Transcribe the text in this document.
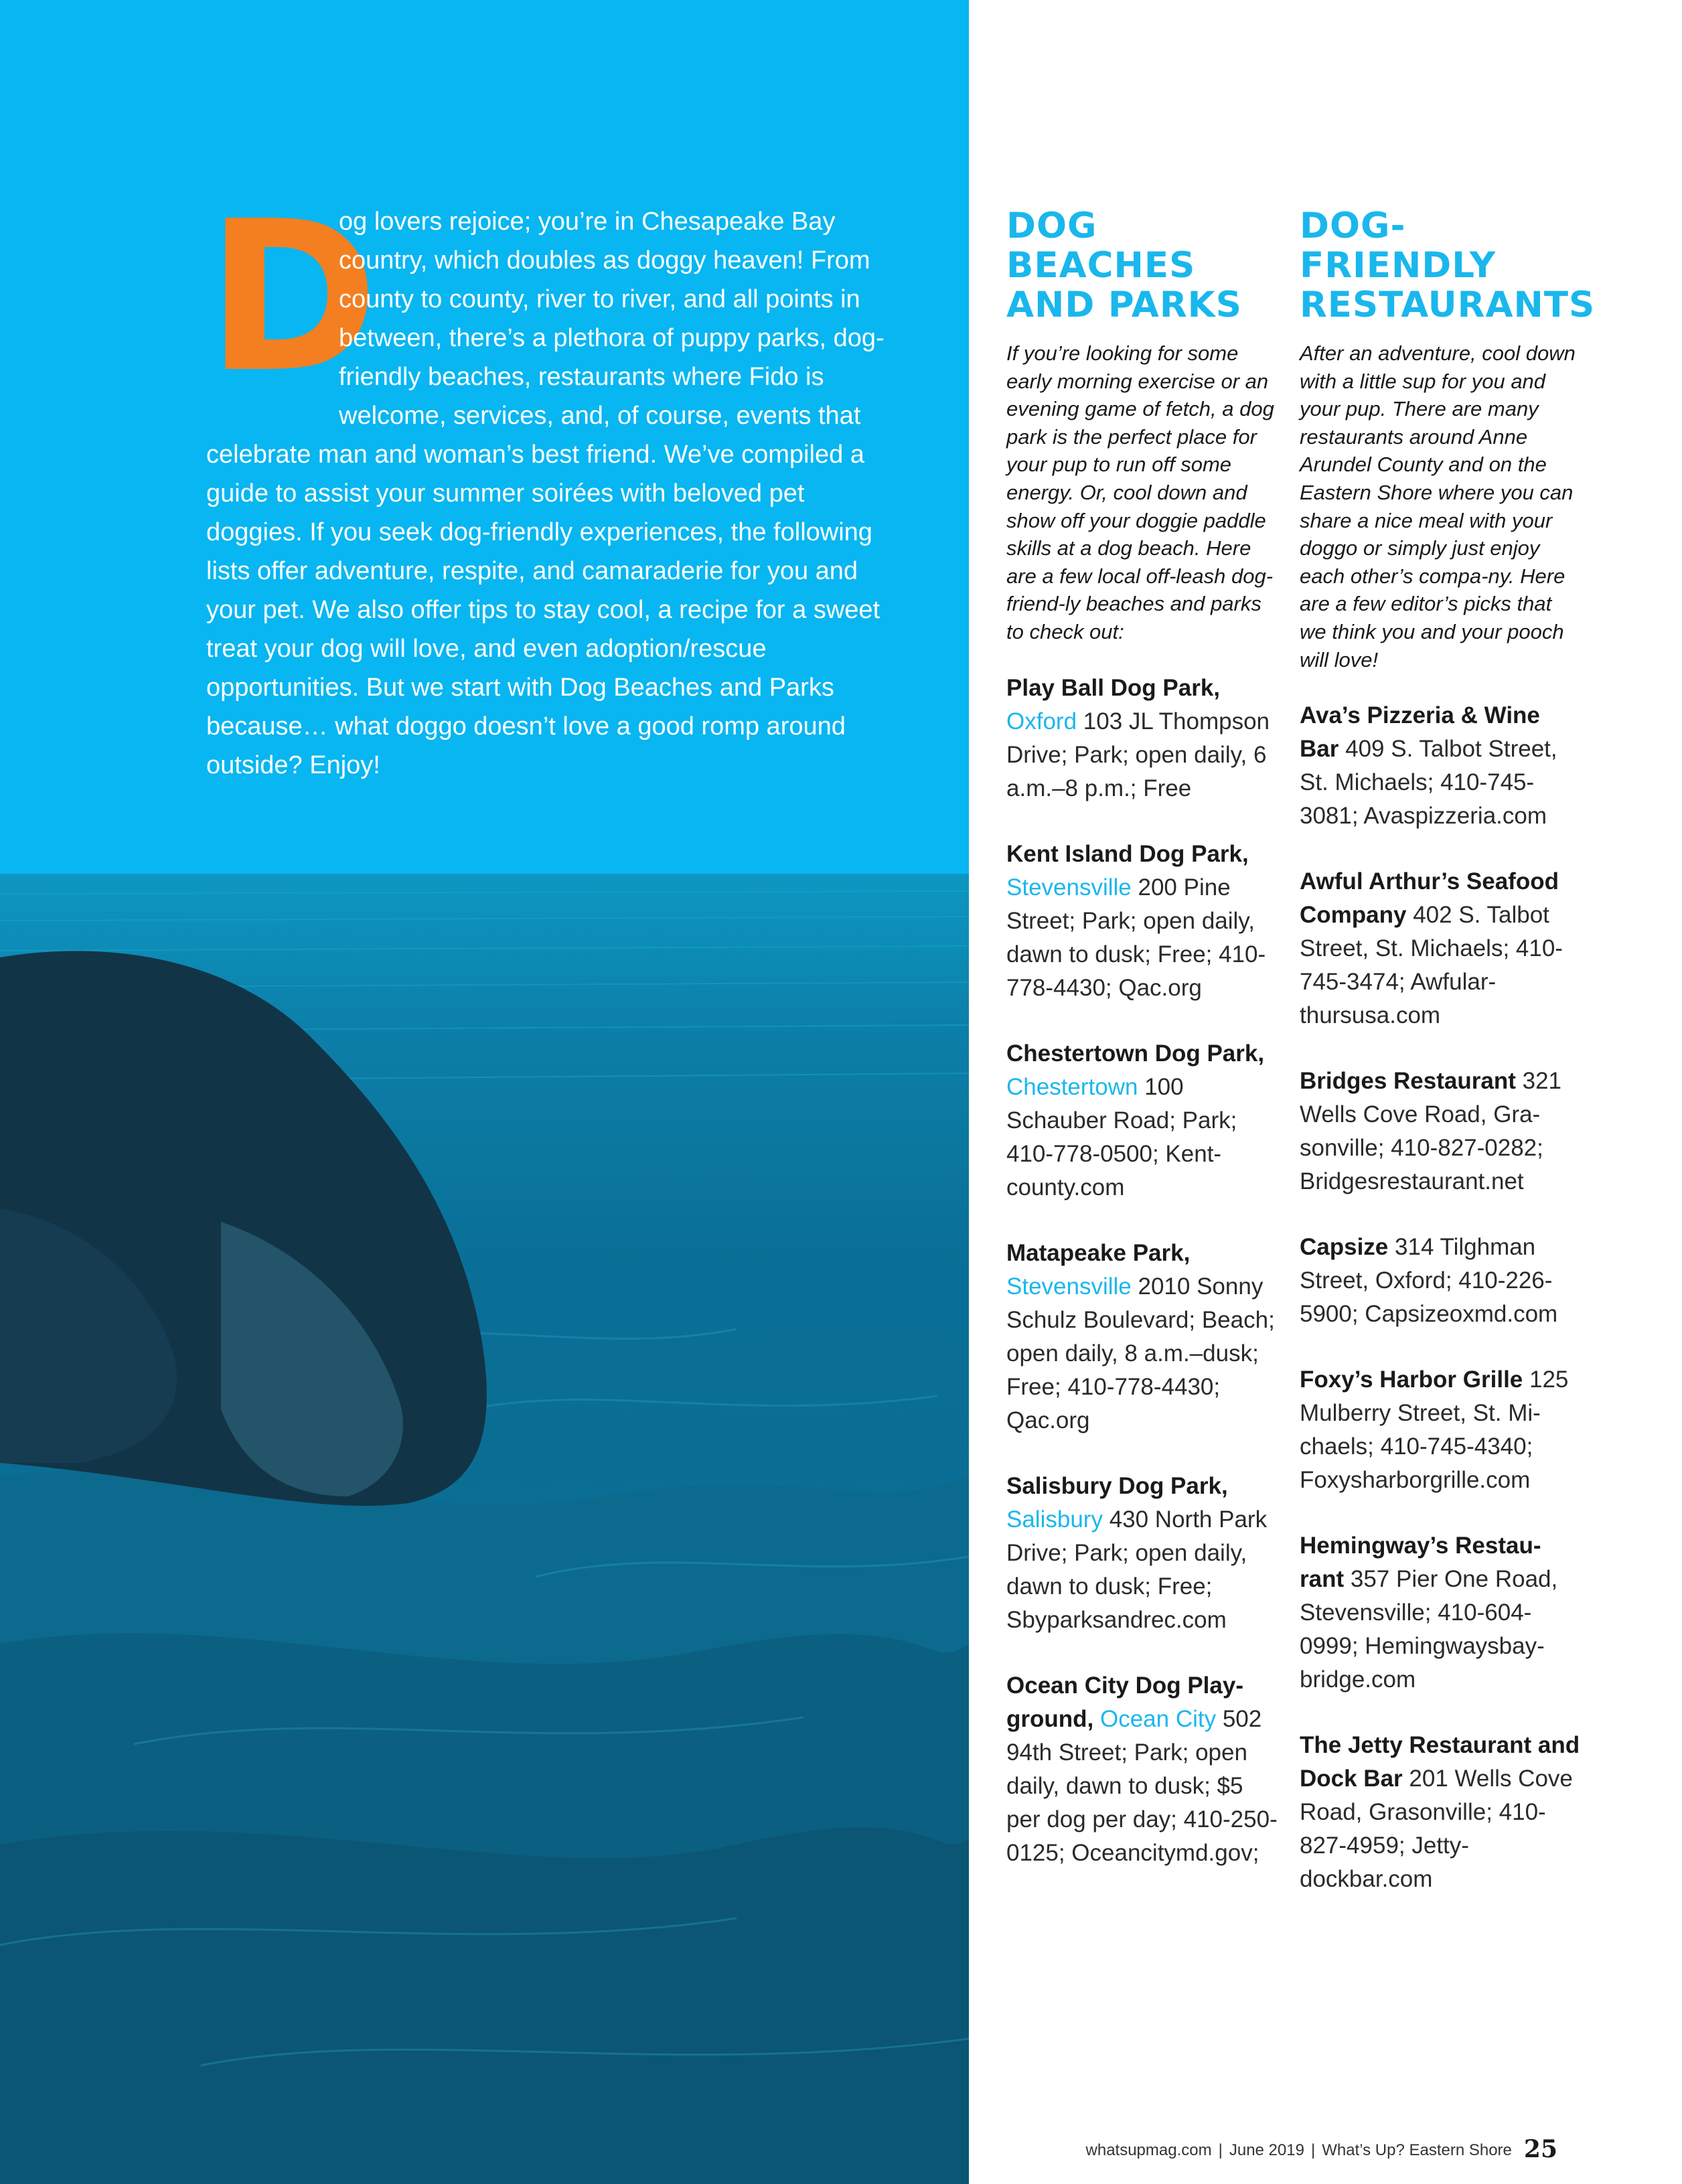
D
og lovers rejoice; you’re in Chesapeake Bay country, which doubles as doggy heaven! From county to county, river to river, and all points in between, there’s a plethora of puppy parks, dog-friendly beaches, restaurants where Fido is welcome, services, and, of course, events that celebrate man and woman’s best friend. We’ve compiled a guide to assist your summer soirées with beloved pet doggies. If you seek dog-friendly experiences, the following lists offer adventure, respite, and camaraderie for you and your pet. We also offer tips to stay cool, a recipe for a sweet treat your dog will love, and even adoption/rescue opportunities. But we start with Dog Beaches and Parks because… what doggo doesn’t love a good romp around outside? Enjoy!
DOG BEACHES
AND PARKS

If you’re looking for some early morning exercise or an evening game of fetch, a dog park is the perfect place for your pup to run off some energy. Or, cool down and show off your doggie paddle skills at a dog beach. Here are a few local off-leash dog-friend-ly beaches and parks to check out:

Play Ball Dog Park, Oxford 103 JL Thompson Drive; Park; open daily, 6 a.m.–8 p.m.; Free

Kent Island Dog Park, Stevensville 200 Pine Street; Park; open daily, dawn to dusk; Free; 410-778-4430; Qac.org

Chestertown Dog Park, Chestertown 100 Schauber Road; Park; 410-778-0500; Kent-county.com

Matapeake Park, Stevensville 2010 Sonny Schulz Boulevard; Beach; open daily, 8 a.m.–dusk; Free; 410-778-4430; Qac.org

Salisbury Dog Park, Salisbury 430 North Park Drive; Park; open daily, dawn to dusk; Free; Sbyparksandrec.com

Ocean City Dog Play-ground, Ocean City 502 94th Street; Park; open daily, dawn to dusk; $5 per dog per day; 410-250-0125; Oceancitymd.gov;

DOG-FRIENDLY
RESTAURANTS

After an adventure, cool down with a little sup for you and your pup. There are many restaurants around Anne Arundel County and on the Eastern Shore where you can share a nice meal with your doggo or simply just enjoy each other’s compa-ny. Here are a few editor’s picks that we think you and your pooch will love!

Ava’s Pizzeria & Wine Bar 409 S. Talbot Street, St. Michaels; 410-745-3081; Avaspizzeria.com

Awful Arthur’s Seafood Company 402 S. Talbot Street, St. Michaels; 410-745-3474; Awfular-thursusa.com

Bridges Restaurant 321 Wells Cove Road, Gra-sonville; 410-827-0282; Bridgesrestaurant.net

Capsize 314 Tilghman Street, Oxford; 410-226-5900; Capsizeoxmd.com

Foxy’s Harbor Grille 125 Mulberry Street, St. Mi-chaels; 410-745-4340; Foxysharborgrille.com

Hemingway’s Restau-rant 357 Pier One Road, Stevensville; 410-604-0999; Hemingwaysbay-bridge.com

The Jetty Restaurant and Dock Bar 201 Wells Cove Road, Grasonville; 410-827-4959; Jetty-dockbar.com

whatsupmag.com | June 2019 | What’s Up? Eastern Shore 25
